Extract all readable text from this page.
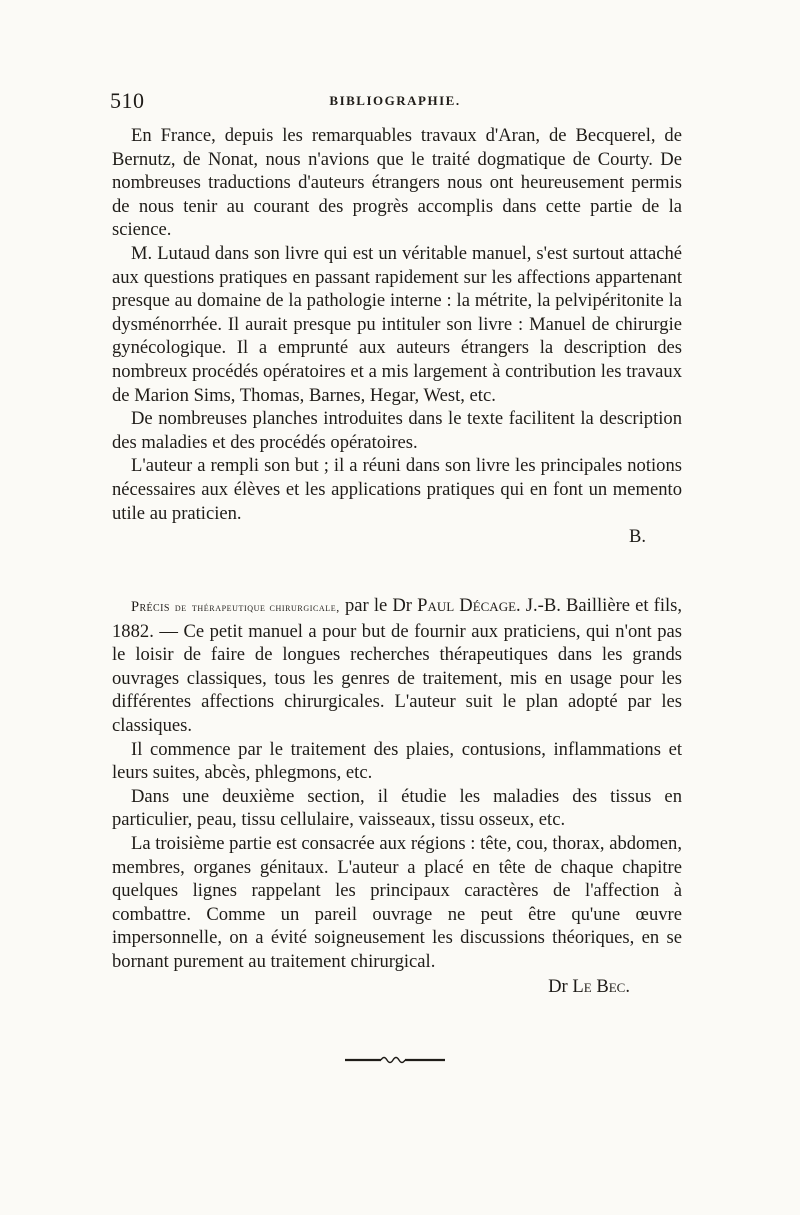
510	BIBLIOGRAPHIE.

En France, depuis les remarquables travaux d'Aran, de Becquerel, de Bernutz, de Nonat, nous n'avions que le traité dogmatique de Courty. De nombreuses traductions d'auteurs étrangers nous ont heureusement permis de nous tenir au courant des progrès accomplis dans cette partie de la science.

M. Lutaud dans son livre qui est un véritable manuel, s'est surtout attaché aux questions pratiques en passant rapidement sur les affections appartenant presque au domaine de la pathologie interne : la métrite, la pelvipéritonite la dysménorrhée. Il aurait presque pu intituler son livre : Manuel de chirurgie gynécologique. Il a emprunté aux auteurs étrangers la description des nombreux procédés opératoires et a mis largement à contribution les travaux de Marion Sims, Thomas, Barnes, Hegar, West, etc.

De nombreuses planches introduites dans le texte facilitent la description des maladies et des procédés opératoires.

L'auteur a rempli son but ; il a réuni dans son livre les principales notions nécessaires aux élèves et les applications pratiques qui en font un memento utile au praticien.
B.

Précis de thérapeutique chirurgicale, par le Dr Paul Décage. J.-B. Baillière et fils, 1882. — Ce petit manuel a pour but de fournir aux praticiens, qui n'ont pas le loisir de faire de longues recherches thérapeutiques dans les grands ouvrages classiques, tous les genres de traitement, mis en usage pour les différentes affections chirurgicales. L'auteur suit le plan adopté par les classiques.

Il commence par le traitement des plaies, contusions, inflammations et leurs suites, abcès, phlegmons, etc.

Dans une deuxième section, il étudie les maladies des tissus en particulier, peau, tissu cellulaire, vaisseaux, tissu osseux, etc.

La troisième partie est consacrée aux régions : tête, cou, thorax, abdomen, membres, organes génitaux. L'auteur a placé en tête de chaque chapitre quelques lignes rappelant les principaux caractères de l'affection à combattre. Comme un pareil ouvrage ne peut être qu'une œuvre impersonnelle, on a évité soigneusement les discussions théoriques, en se bornant purement au traitement chirurgical.

Dr Le Bec.
